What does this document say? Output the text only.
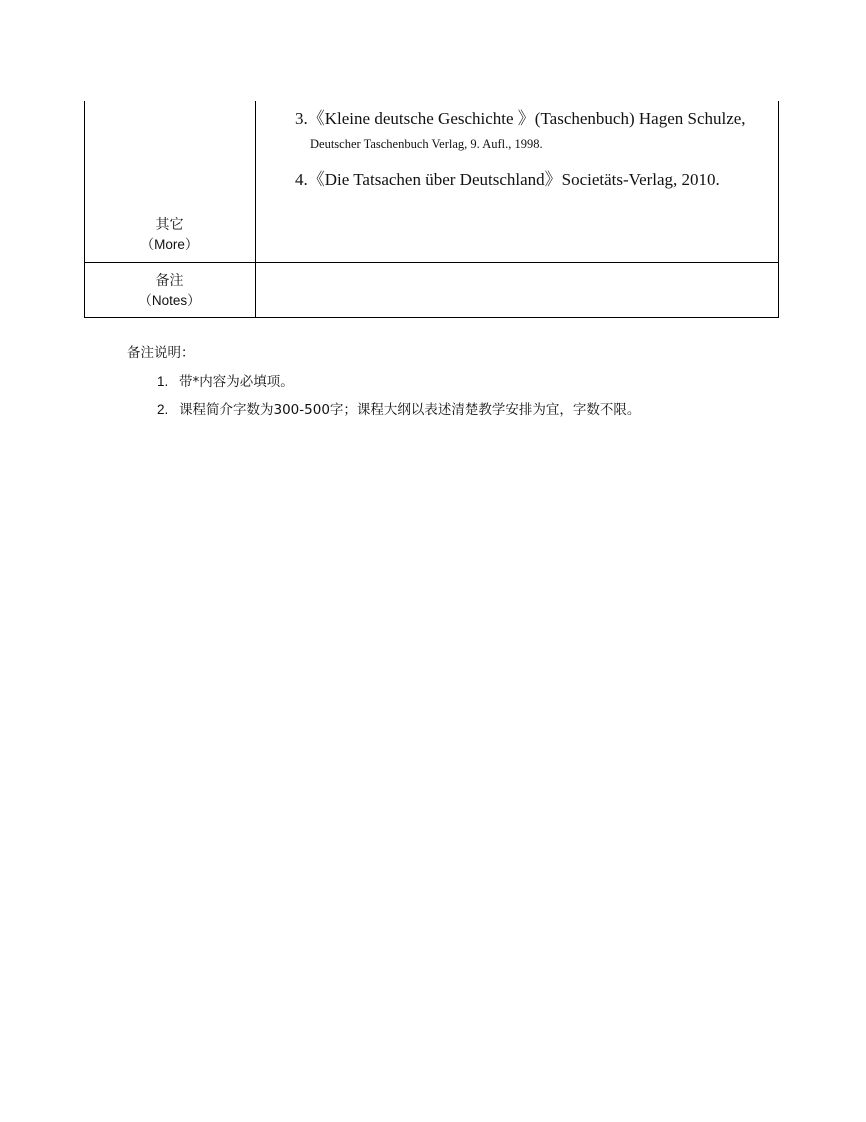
其它
（More）
3.《Kleine deutsche Geschichte 》(Taschenbuch) Hagen Schulze,
Deutscher Taschenbuch Verlag, 9. Aufl., 1998.
4.《Die Tatsachen über Deutschland》Societäts-Verlag, 2010.
备注
（Notes）
备注说明：
1. 带*内容为必填项。
2. 课程简介字数为300-500字；课程大纲以表述清楚教学安排为宜，字数不限。
